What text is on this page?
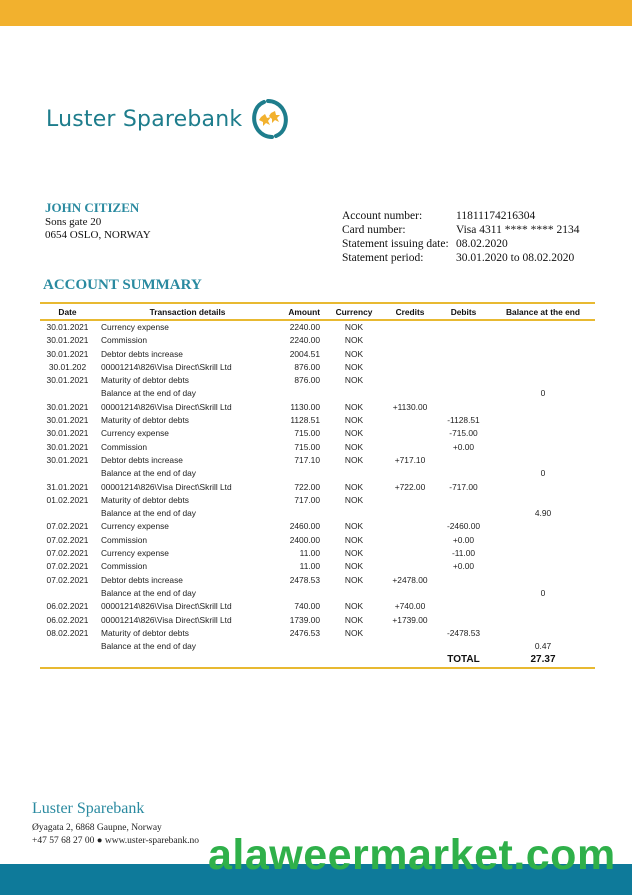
Luster Sparebank
JOHN CITIZEN
Sons gate 20
0654 OSLO, NORWAY
Account number:	11811174216304
Card number:	Visa 4311 **** **** 2134
Statement issuing date: 08.02.2020
Statement period:	30.01.2020 to 08.02.2020
ACCOUNT SUMMARY
Date	Transaction details	Amount	Currency	Credits	Debits	Balance at the end
30.01.2021	Currency expense	2240.00	NOK			
30.01.2021	Commission	2240.00	NOK			
30.01.2021	Debtor debts increase	2004.51	NOK			
30.01.202	00001214\826\Visa Direct\Skrill Ltd	876.00	NOK			
30.01.2021	Maturity of debtor debts	876.00	NOK			
	Balance at the end of day					0
30.01.2021	00001214\826\Visa Direct\Skrill Ltd	1130.00	NOK	+1130.00		
30.01.2021	Maturity of debtor debts	1128.51	NOK		-1128.51	
30.01.2021	Currency expense	715.00	NOK		-715.00	
30.01.2021	Commission	715.00	NOK		+0.00	
30.01.2021	Debtor debts increase	717.10	NOK	+717.10		
	Balance at the end of day					0
31.01.2021	00001214\826\Visa Direct\Skrill Ltd	722.00	NOK	+722.00	-717.00	
01.02.2021	Maturity of debtor debts	717.00	NOK			
	Balance at the end of day					4.90
07.02.2021	Currency expense	2460.00	NOK		-2460.00	
07.02.2021	Commission	2400.00	NOK		+0.00	
07.02.2021	Currency expense	11.00	NOK		-11.00	
07.02.2021	Commission	11.00	NOK		+0.00	
07.02.2021	Debtor debts increase	2478.53	NOK	+2478.00		
	Balance at the end of day					0
06.02.2021	00001214\826\Visa Direct\Skrill Ltd	740.00	NOK	+740.00		
06.02.2021	00001214\826\Visa Direct\Skrill Ltd	1739.00	NOK	+1739.00		
08.02.2021	Maturity of debtor debts	2476.53	NOK		-2478.53	
	Balance at the end of day					0.47
					TOTAL	27.37
Luster Sparebank
Øyagata 2, 6868 Gaupne, Norway
+47 57 68 27 00 ● www.uster-sparebank.no alaweermarket.com
